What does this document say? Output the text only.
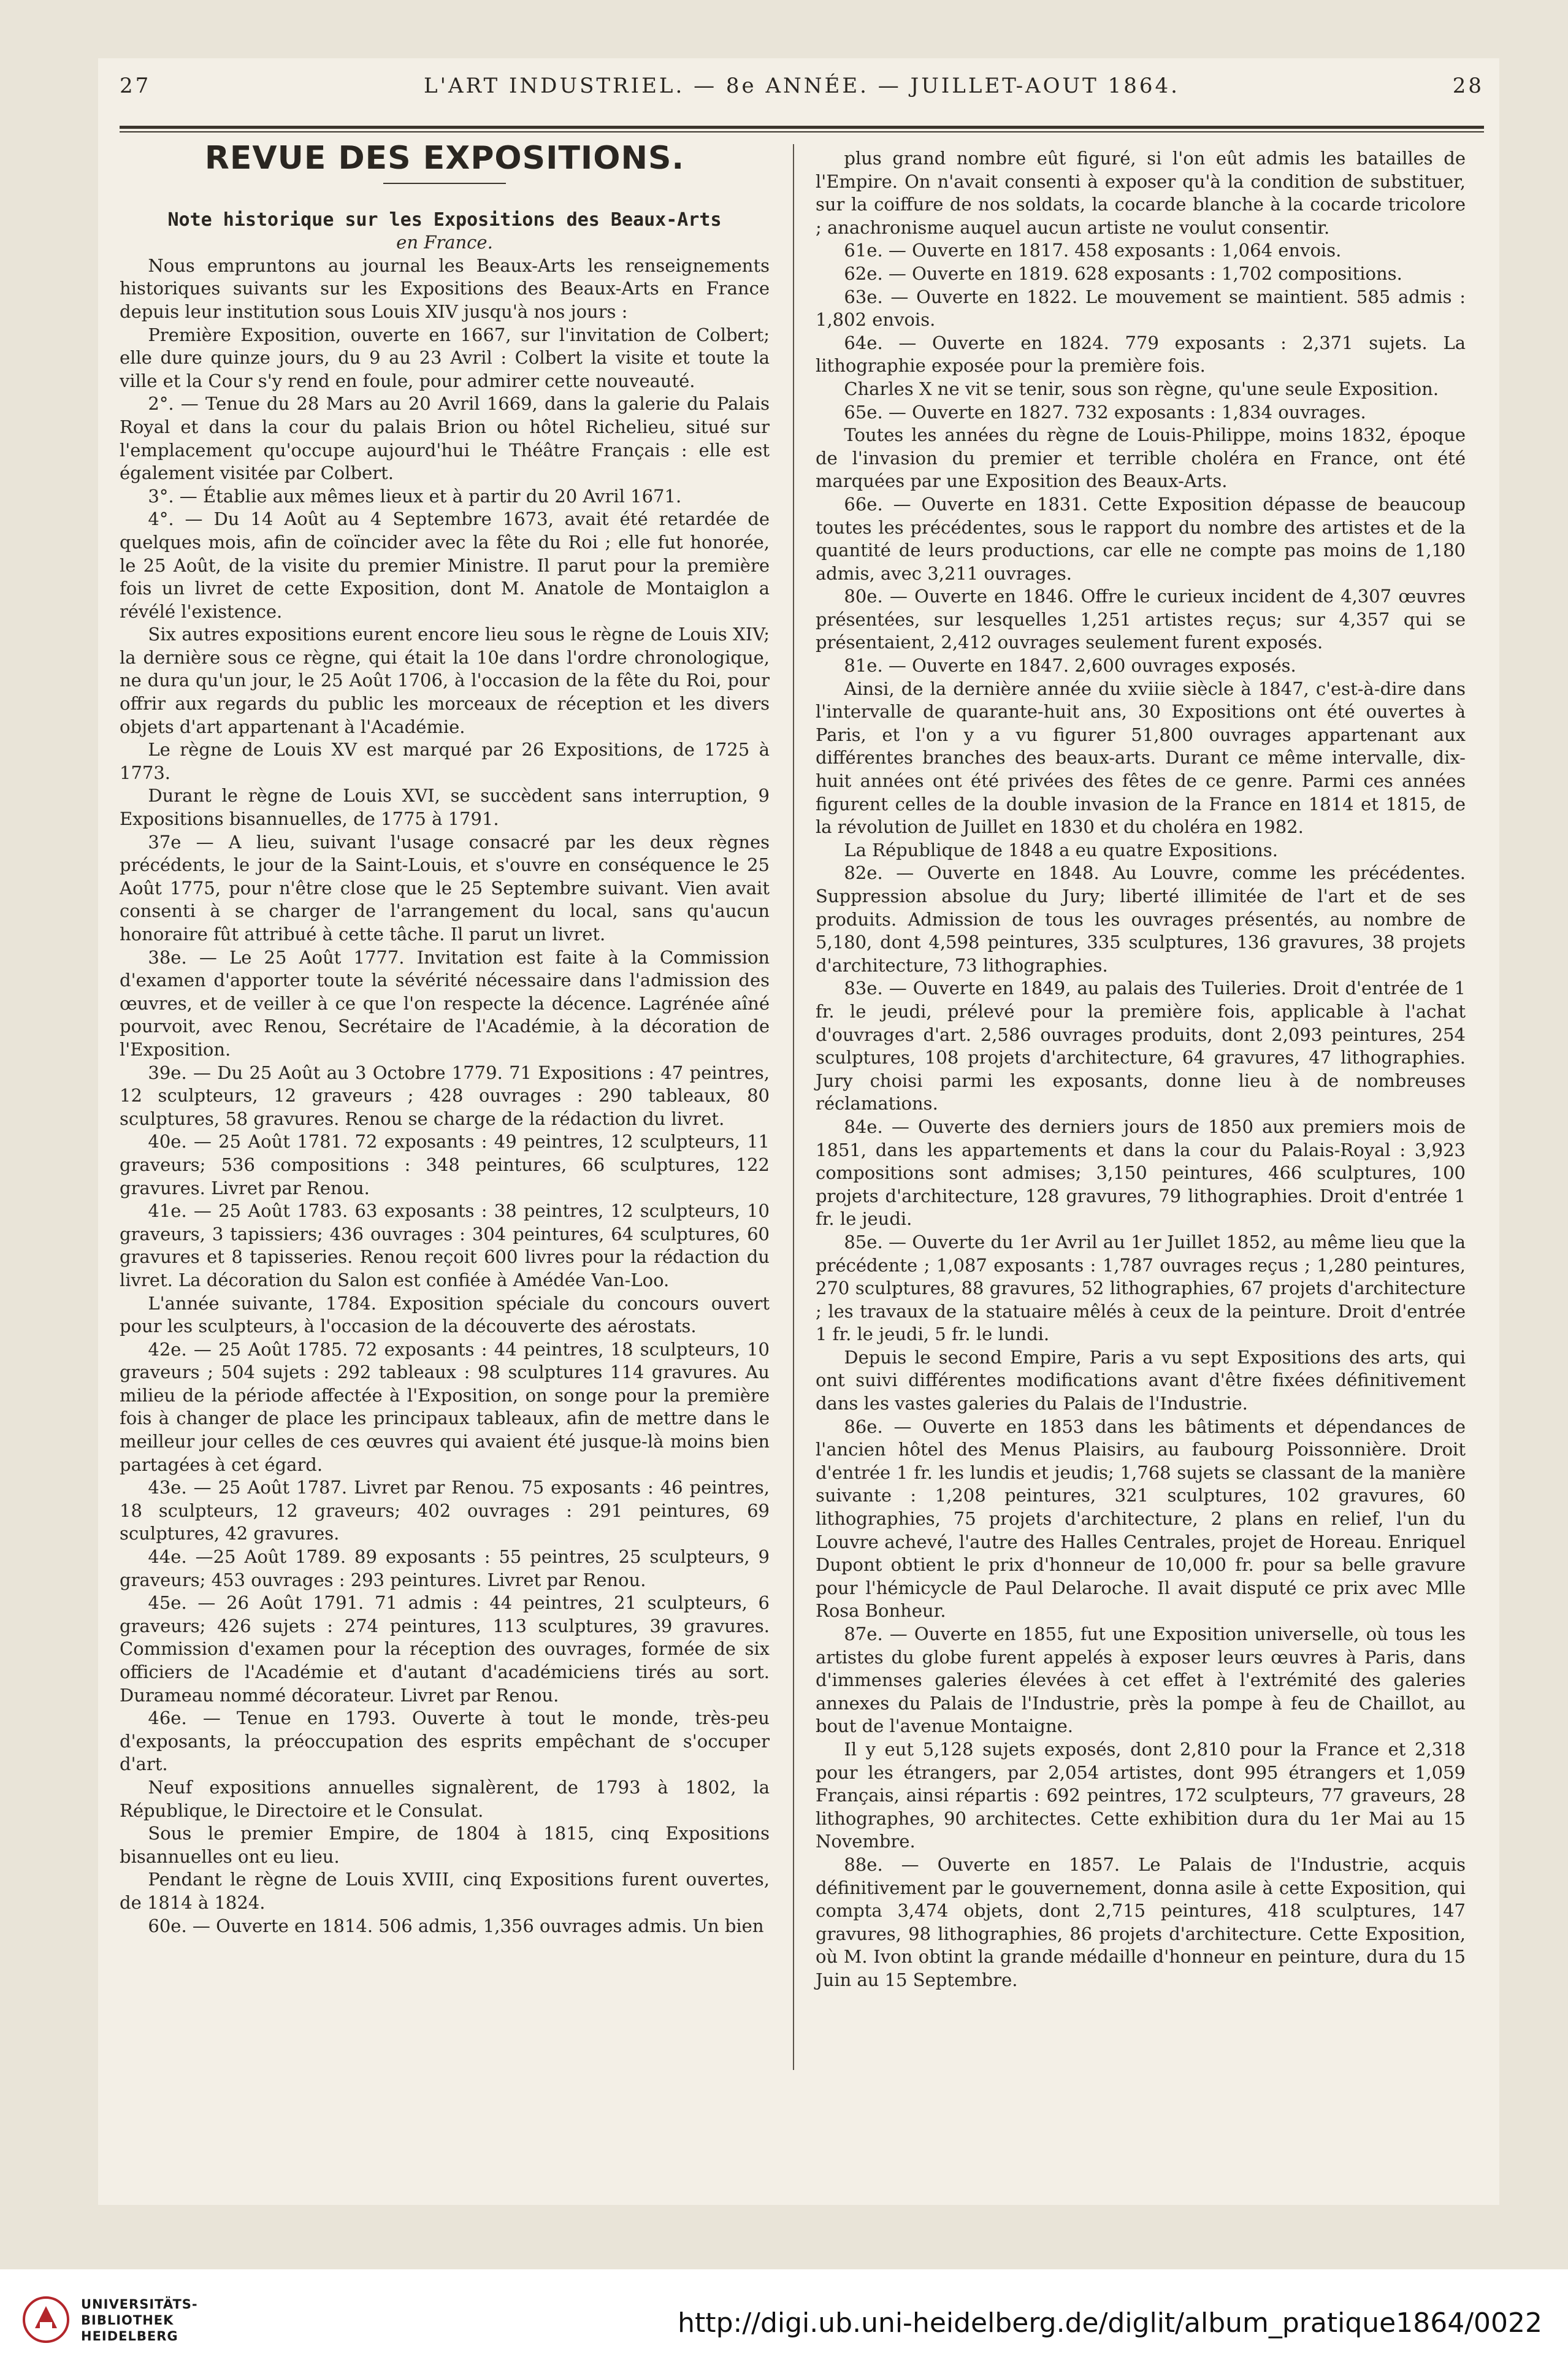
27	L'ART INDUSTRIEL. — 8e ANNÉE. — JUILLET-AOUT 1864.	28

REVUE DES EXPOSITIONS.

Note historique sur les Expositions des Beaux-Arts

en France.

Nous empruntons au journal les Beaux-Arts les renseignements historiques suivants sur les Expositions des Beaux-Arts en France depuis leur institution sous Louis XIV jusqu'à nos jours :

Première Exposition, ouverte en 1667, sur l'invitation de Colbert; elle dure quinze jours, du 9 au 23 Avril : Colbert la visite et toute la ville et la Cour s'y rend en foule, pour admirer cette nouveauté.

2°. — Tenue du 28 Mars au 20 Avril 1669, dans la galerie du Palais Royal et dans la cour du palais Brion ou hôtel Richelieu, situé sur l'emplacement qu'occupe aujourd'hui le Théâtre Français : elle est également visitée par Colbert.

3°. — Établie aux mêmes lieux et à partir du 20 Avril 1671.

4°. — Du 14 Août au 4 Septembre 1673, avait été retardée de quelques mois, afin de coïncider avec la fête du Roi ; elle fut honorée, le 25 Août, de la visite du premier Ministre. Il parut pour la première fois un livret de cette Exposition, dont M. Anatole de Montaiglon a révélé l'existence.

Six autres expositions eurent encore lieu sous le règne de Louis XIV; la dernière sous ce règne, qui était la 10e dans l'ordre chronologique, ne dura qu'un jour, le 25 Août 1706, à l'occasion de la fête du Roi, pour offrir aux regards du public les morceaux de réception et les divers objets d'art appartenant à l'Académie.

Le règne de Louis XV est marqué par 26 Expositions, de 1725 à 1773.

Durant le règne de Louis XVI, se succèdent sans interruption, 9 Expositions bisannuelles, de 1775 à 1791.

37e — A lieu, suivant l'usage consacré par les deux règnes précédents, le jour de la Saint-Louis, et s'ouvre en conséquence le 25 Août 1775, pour n'être close que le 25 Septembre suivant. Vien avait consenti à se charger de l'arrangement du local, sans qu'aucun honoraire fût attribué à cette tâche. Il parut un livret.

38e. — Le 25 Août 1777. Invitation est faite à la Commission d'examen d'apporter toute la sévérité nécessaire dans l'admission des œuvres, et de veiller à ce que l'on respecte la décence. Lagrénée aîné pourvoit, avec Renou, Secrétaire de l'Académie, à la décoration de l'Exposition.

39e. — Du 25 Août au 3 Octobre 1779. 71 Expositions : 47 peintres, 12 sculpteurs, 12 graveurs ; 428 ouvrages : 290 tableaux, 80 sculptures, 58 gravures. Renou se charge de la rédaction du livret.

40e. — 25 Août 1781. 72 exposants : 49 peintres, 12 sculpteurs, 11 graveurs; 536 compositions : 348 peintures, 66 sculptures, 122 gravures. Livret par Renou.

41e. — 25 Août 1783. 63 exposants : 38 peintres, 12 sculpteurs, 10 graveurs, 3 tapissiers; 436 ouvrages : 304 peintures, 64 sculptures, 60 gravures et 8 tapisseries. Renou reçoit 600 livres pour la rédaction du livret. La décoration du Salon est confiée à Amédée Van-Loo.

L'année suivante, 1784. Exposition spéciale du concours ouvert pour les sculpteurs, à l'occasion de la découverte des aérostats.

42e. — 25 Août 1785. 72 exposants : 44 peintres, 18 sculpteurs, 10 graveurs ; 504 sujets : 292 tableaux : 98 sculptures 114 gravures. Au milieu de la période affectée à l'Exposition, on songe pour la première fois à changer de place les principaux tableaux, afin de mettre dans le meilleur jour celles de ces œuvres qui avaient été jusque-là moins bien partagées à cet égard.

43e. — 25 Août 1787. Livret par Renou. 75 exposants : 46 peintres, 18 sculpteurs, 12 graveurs; 402 ouvrages : 291 peintures, 69 sculptures, 42 gravures.

44e. —25 Août 1789. 89 exposants : 55 peintres, 25 sculpteurs, 9 graveurs; 453 ouvrages : 293 peintures. Livret par Renou.

45e. — 26 Août 1791. 71 admis : 44 peintres, 21 sculpteurs, 6 graveurs; 426 sujets : 274 peintures, 113 sculptures, 39 gravures. Commission d'examen pour la réception des ouvrages, formée de six officiers de l'Académie et d'autant d'académiciens tirés au sort. Durameau nommé décorateur. Livret par Renou.

46e. — Tenue en 1793. Ouverte à tout le monde, très-peu d'exposants, la préoccupation des esprits empêchant de s'occuper d'art.

Neuf expositions annuelles signalèrent, de 1793 à 1802, la République, le Directoire et le Consulat.

Sous le premier Empire, de 1804 à 1815, cinq Expositions bisannuelles ont eu lieu.

Pendant le règne de Louis XVIII, cinq Expositions furent ouvertes, de 1814 à 1824.

60e. — Ouverte en 1814. 506 admis, 1,356 ouvrages admis. Un bien

plus grand nombre eût figuré, si l'on eût admis les batailles de l'Empire. On n'avait consenti à exposer qu'à la condition de substituer, sur la coiffure de nos soldats, la cocarde blanche à la cocarde tricolore ; anachronisme auquel aucun artiste ne voulut consentir.

61e. — Ouverte en 1817. 458 exposants : 1,064 envois.

62e. — Ouverte en 1819. 628 exposants : 1,702 compositions.

63e. — Ouverte en 1822. Le mouvement se maintient. 585 admis : 1,802 envois.

64e. — Ouverte en 1824. 779 exposants : 2,371 sujets. La lithographie exposée pour la première fois.

Charles X ne vit se tenir, sous son règne, qu'une seule Exposition.

65e. — Ouverte en 1827. 732 exposants : 1,834 ouvrages.

Toutes les années du règne de Louis-Philippe, moins 1832, époque de l'invasion du premier et terrible choléra en France, ont été marquées par une Exposition des Beaux-Arts.

66e. — Ouverte en 1831. Cette Exposition dépasse de beaucoup toutes les précédentes, sous le rapport du nombre des artistes et de la quantité de leurs productions, car elle ne compte pas moins de 1,180 admis, avec 3,211 ouvrages.

80e. — Ouverte en 1846. Offre le curieux incident de 4,307 œuvres présentées, sur lesquelles 1,251 artistes reçus; sur 4,357 qui se présentaient, 2,412 ouvrages seulement furent exposés.

81e. — Ouverte en 1847. 2,600 ouvrages exposés.

Ainsi, de la dernière année du xviiie siècle à 1847, c'est-à-dire dans l'intervalle de quarante-huit ans, 30 Expositions ont été ouvertes à Paris, et l'on y a vu figurer 51,800 ouvrages appartenant aux différentes branches des beaux-arts. Durant ce même intervalle, dix-huit années ont été privées des fêtes de ce genre. Parmi ces années figurent celles de la double invasion de la France en 1814 et 1815, de la révolution de Juillet en 1830 et du choléra en 1982.

La République de 1848 a eu quatre Expositions.

82e. — Ouverte en 1848. Au Louvre, comme les précédentes. Suppression absolue du Jury; liberté illimitée de l'art et de ses produits. Admission de tous les ouvrages présentés, au nombre de 5,180, dont 4,598 peintures, 335 sculptures, 136 gravures, 38 projets d'architecture, 73 lithographies.

83e. — Ouverte en 1849, au palais des Tuileries. Droit d'entrée de 1 fr. le jeudi, prélevé pour la première fois, applicable à l'achat d'ouvrages d'art. 2,586 ouvrages produits, dont 2,093 peintures, 254 sculptures, 108 projets d'architecture, 64 gravures, 47 lithographies. Jury choisi parmi les exposants, donne lieu à de nombreuses réclamations.

84e. — Ouverte des derniers jours de 1850 aux premiers mois de 1851, dans les appartements et dans la cour du Palais-Royal : 3,923 compositions sont admises; 3,150 peintures, 466 sculptures, 100 projets d'architecture, 128 gravures, 79 lithographies. Droit d'entrée 1 fr. le jeudi.

85e. — Ouverte du 1er Avril au 1er Juillet 1852, au même lieu que la précédente ; 1,087 exposants : 1,787 ouvrages reçus ; 1,280 peintures, 270 sculptures, 88 gravures, 52 lithographies, 67 projets d'architecture ; les travaux de la statuaire mêlés à ceux de la peinture. Droit d'entrée 1 fr. le jeudi, 5 fr. le lundi.

Depuis le second Empire, Paris a vu sept Expositions des arts, qui ont suivi différentes modifications avant d'être fixées définitivement dans les vastes galeries du Palais de l'Industrie.

86e. — Ouverte en 1853 dans les bâtiments et dépendances de l'ancien hôtel des Menus Plaisirs, au faubourg Poissonnière. Droit d'entrée 1 fr. les lundis et jeudis; 1,768 sujets se classant de la manière suivante : 1,208 peintures, 321 sculptures, 102 gravures, 60 lithographies, 75 projets d'architecture, 2 plans en relief, l'un du Louvre achevé, l'autre des Halles Centrales, projet de Horeau. Enriquel Dupont obtient le prix d'honneur de 10,000 fr. pour sa belle gravure pour l'hémicycle de Paul Delaroche. Il avait disputé ce prix avec Mlle Rosa Bonheur.

87e. — Ouverte en 1855, fut une Exposition universelle, où tous les artistes du globe furent appelés à exposer leurs œuvres à Paris, dans d'immenses galeries élevées à cet effet à l'extrémité des galeries annexes du Palais de l'Industrie, près la pompe à feu de Chaillot, au bout de l'avenue Montaigne.

Il y eut 5,128 sujets exposés, dont 2,810 pour la France et 2,318 pour les étrangers, par 2,054 artistes, dont 995 étrangers et 1,059 Français, ainsi répartis : 692 peintres, 172 sculpteurs, 77 graveurs, 28 lithographes, 90 architectes. Cette exhibition dura du 1er Mai au 15 Novembre.

88e. — Ouverte en 1857. Le Palais de l'Industrie, acquis définitivement par le gouvernement, donna asile à cette Exposition, qui compta 3,474 objets, dont 2,715 peintures, 418 sculptures, 147 gravures, 98 lithographies, 86 projets d'architecture. Cette Exposition, où M. Ivon obtint la grande médaille d'honneur en peinture, dura du 15 Juin au 15 Septembre.

UNIVERSITÄTS-
BIBLIOTHEK
HEIDELBERG	http://digi.ub.uni-heidelberg.de/diglit/album_pratique1864/0022
